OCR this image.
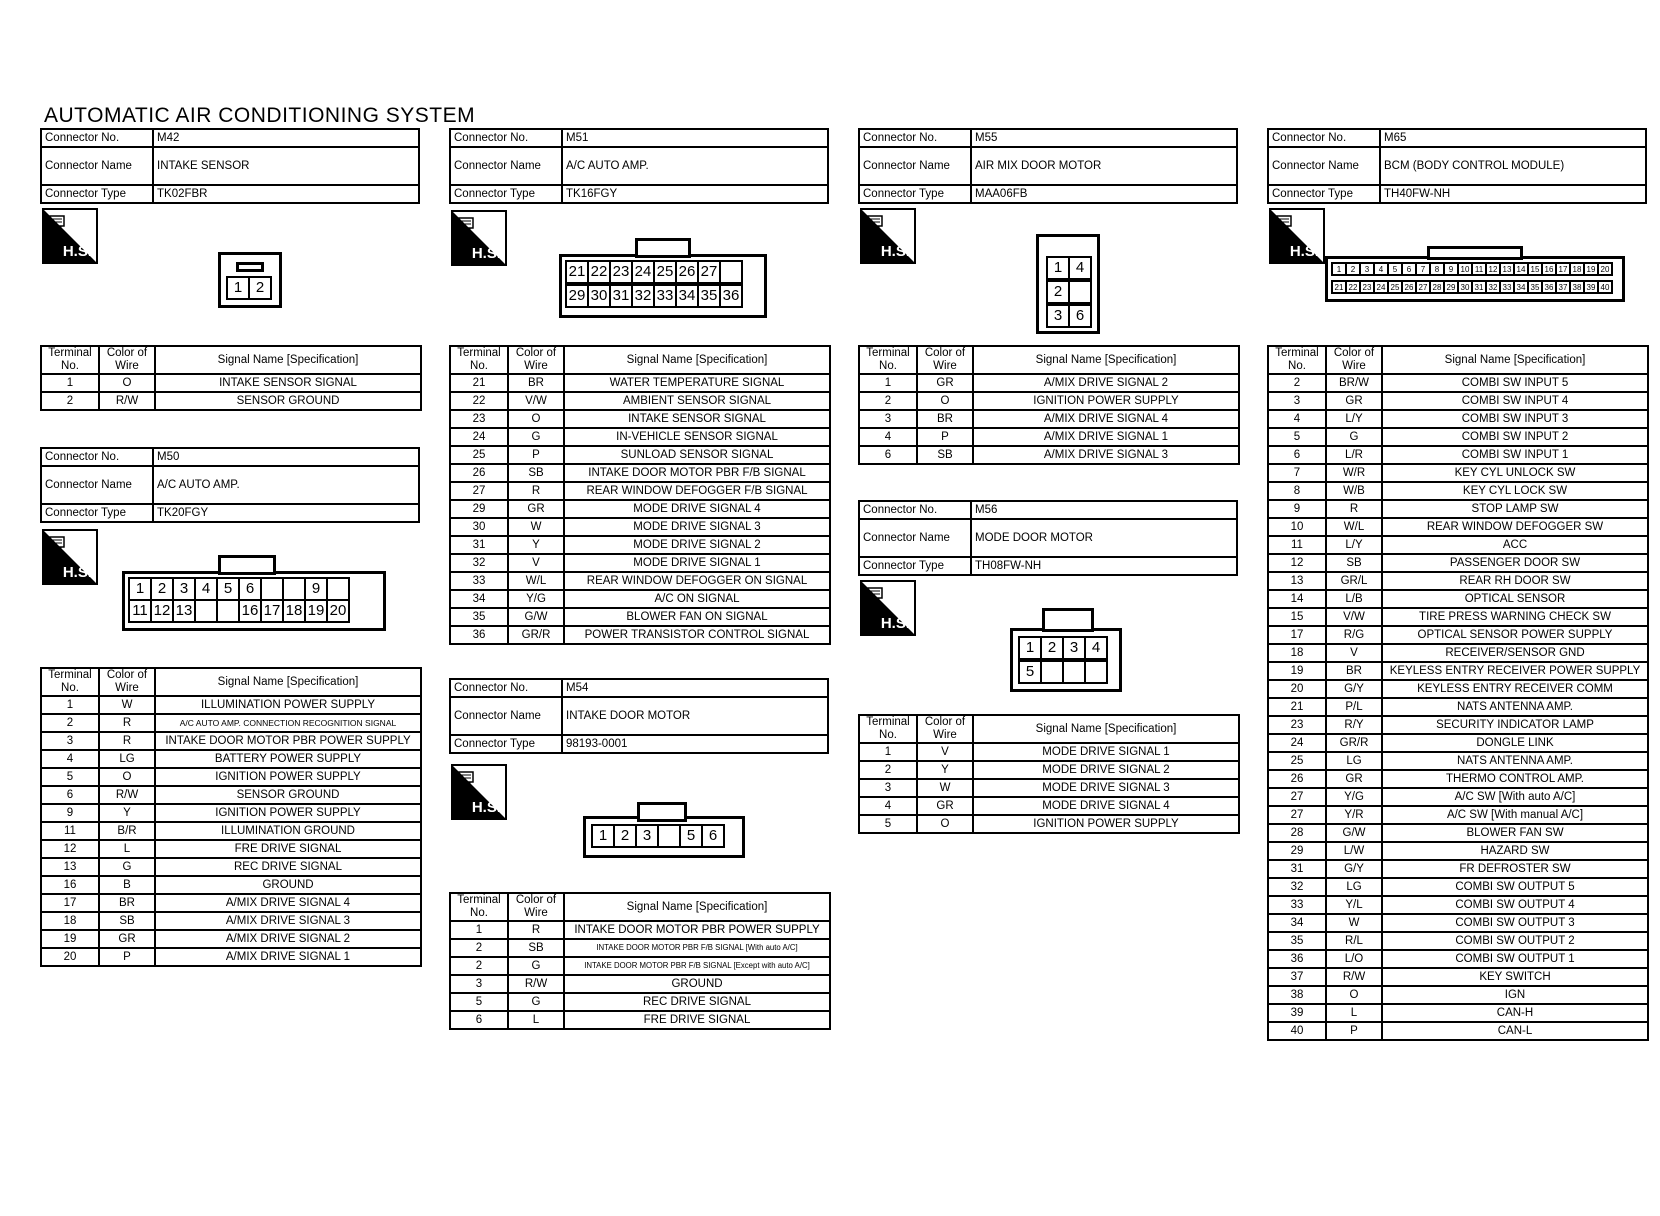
AUTOMATIC AIR CONDITIONING SYSTEM
Connector No.	M42
Connector Name	INTAKE SENSOR
Connector Type	TK02FBR
H.S.
1 2
Terminal No.	Color of Wire	Signal Name [Specification]
1	O	INTAKE SENSOR SIGNAL
2	R/W	SENSOR GROUND
Connector No.	M50
Connector Name	A/C AUTO AMP.
Connector Type	TK20FGY
H.S.
1 2 3 4 5 6	9
11 12 13	16 17 18 19 20
Terminal No.	Color of Wire	Signal Name [Specification]
1	W	ILLUMINATION POWER SUPPLY
2	R	A/C AUTO AMP. CONNECTION RECOGNITION SIGNAL
3	R	INTAKE DOOR MOTOR PBR POWER SUPPLY
4	LG	BATTERY POWER SUPPLY
5	O	IGNITION POWER SUPPLY
6	R/W	SENSOR GROUND
9	Y	IGNITION POWER SUPPLY
11	B/R	ILLUMINATION GROUND
12	L	FRE DRIVE SIGNAL
13	G	REC DRIVE SIGNAL
16	B	GROUND
17	BR	A/MIX DRIVE SIGNAL 4
18	SB	A/MIX DRIVE SIGNAL 3
19	GR	A/MIX DRIVE SIGNAL 2
20	P	A/MIX DRIVE SIGNAL 1
Connector No.	M51
Connector Name	A/C AUTO AMP.
Connector Type	TK16FGY
H.S.
21 22 23 24 25 26 27
29 30 31 32 33 34 35 36
Terminal No.	Color of Wire	Signal Name [Specification]
21	BR	WATER TEMPERATURE SIGNAL
22	V/W	AMBIENT SENSOR SIGNAL
23	O	INTAKE SENSOR SIGNAL
24	G	IN-VEHICLE SENSOR SIGNAL
25	P	SUNLOAD SENSOR SIGNAL
26	SB	INTAKE DOOR MOTOR PBR F/B SIGNAL
27	R	REAR WINDOW DEFOGGER F/B SIGNAL
29	GR	MODE DRIVE SIGNAL 4
30	W	MODE DRIVE SIGNAL 3
31	Y	MODE DRIVE SIGNAL 2
32	V	MODE DRIVE SIGNAL 1
33	W/L	REAR WINDOW DEFOGGER ON SIGNAL
34	Y/G	A/C ON SIGNAL
35	G/W	BLOWER FAN ON SIGNAL
36	GR/R	POWER TRANSISTOR CONTROL SIGNAL
Connector No.	M54
Connector Name	INTAKE DOOR MOTOR
Connector Type	98193-0001
H.S.
1 2 3	5 6
Terminal No.	Color of Wire	Signal Name [Specification]
1	R	INTAKE DOOR MOTOR PBR POWER SUPPLY
2	SB	INTAKE DOOR MOTOR PBR F/B SIGNAL [With auto A/C]
2	G	INTAKE DOOR MOTOR PBR F/B SIGNAL [Except with auto A/C]
3	R/W	GROUND
5	G	REC DRIVE SIGNAL
6	L	FRE DRIVE SIGNAL
Connector No.	M55
Connector Name	AIR MIX DOOR MOTOR
Connector Type	MAA06FB
H.S.
1 4
2
3 6
Terminal No.	Color of Wire	Signal Name [Specification]
1	GR	A/MIX DRIVE SIGNAL 2
2	O	IGNITION POWER SUPPLY
3	BR	A/MIX DRIVE SIGNAL 4
4	P	A/MIX DRIVE SIGNAL 1
6	SB	A/MIX DRIVE SIGNAL 3
Connector No.	M56
Connector Name	MODE DOOR MOTOR
Connector Type	TH08FW-NH
H.S.
1 2 3 4
5
Terminal No.	Color of Wire	Signal Name [Specification]
1	V	MODE DRIVE SIGNAL 1
2	Y	MODE DRIVE SIGNAL 2
3	W	MODE DRIVE SIGNAL 3
4	GR	MODE DRIVE SIGNAL 4
5	O	IGNITION POWER SUPPLY
Connector No.	M65
Connector Name	BCM (BODY CONTROL MODULE)
Connector Type	TH40FW-NH
H.S.
1	2	3	4	5	6	7	8	9 10 11 12 13 14 15 16 17 18 19 20
21 22 23 24 25 26 27 28 29 30 31 32 33 34 35 36 37 38 39 40
Terminal No.	Color of Wire	Signal Name [Specification]
2	BR/W	COMBI SW INPUT 5
3	GR	COMBI SW INPUT 4
4	L/Y	COMBI SW INPUT 3
5	G	COMBI SW INPUT 2
6	L/R	COMBI SW INPUT 1
7	W/R	KEY CYL UNLOCK SW
8	W/B	KEY CYL LOCK SW
9	R	STOP LAMP SW
10	W/L	REAR WINDOW DEFOGGER SW
11	L/Y	ACC
12	SB	PASSENGER DOOR SW
13	GR/L	REAR RH DOOR SW
14	L/B	OPTICAL SENSOR
15	V/W	TIRE PRESS WARNING CHECK SW
17	R/G	OPTICAL SENSOR POWER SUPPLY
18	V	RECEIVER/SENSOR GND
19	BR	KEYLESS ENTRY RECEIVER POWER SUPPLY
20	G/Y	KEYLESS ENTRY RECEIVER COMM
21	P/L	NATS ANTENNA AMP.
23	R/Y	SECURITY INDICATOR LAMP
24	GR/R	DONGLE LINK
25	LG	NATS ANTENNA AMP.
26	GR	THERMO CONTROL AMP.
27	Y/G	A/C SW [With auto A/C]
27	Y/R	A/C SW [With manual A/C]
28	G/W	BLOWER FAN SW
29	L/W	HAZARD SW
31	G/Y	FR DEFROSTER SW
32	LG	COMBI SW OUTPUT 5
33	Y/L	COMBI SW OUTPUT 4
34	W	COMBI SW OUTPUT 3
35	R/L	COMBI SW OUTPUT 2
36	L/O	COMBI SW OUTPUT 1
37	R/W	KEY SWITCH
38	O	IGN
39	L	CAN-H
40	P	CAN-L
